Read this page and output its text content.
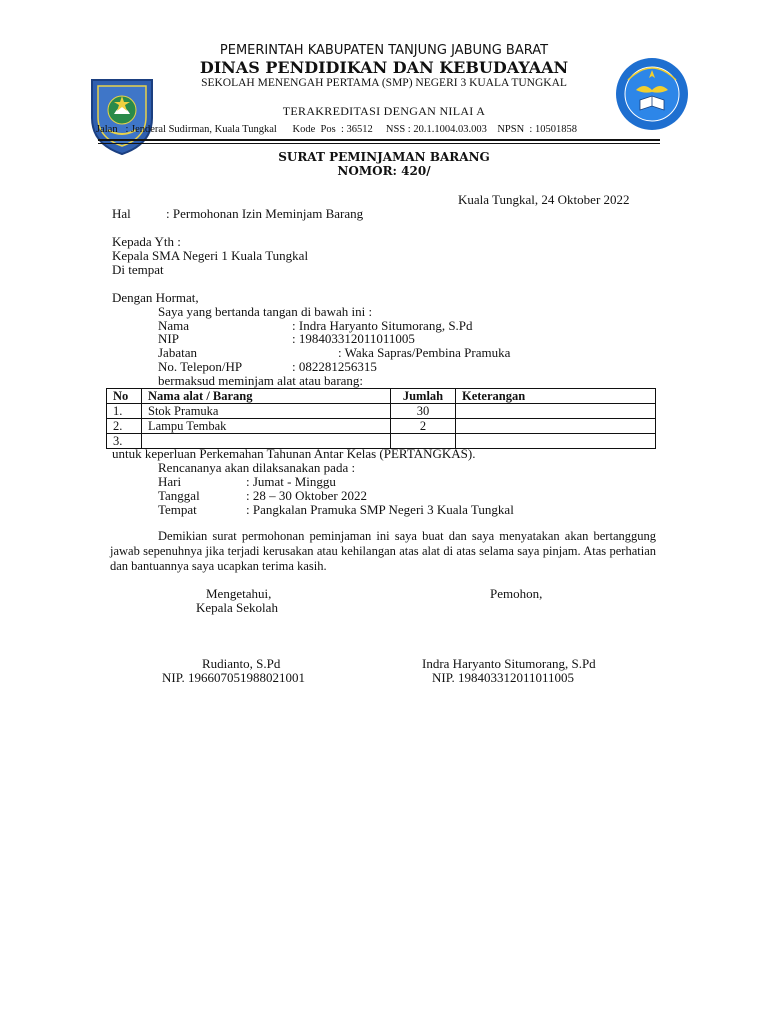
PEMERINTAH KABUPATEN TANJUNG JABUNG BARAT
DINAS PENDIDIKAN DAN KEBUDAYAAN
SEKOLAH MENENGAH PERTAMA (SMP) NEGERI 3 KUALA TUNGKAL
TERAKREDITASI DENGAN NILAI A
Jalan   : Jenderal Sudirman, Kuala Tungkal      Kode  Pos  : 36512     NSS : 20.1.1004.03.003    NPSN  : 10501858
SURAT PEMINJAMAN BARANG
NOMOR: 420/
Kuala Tungkal, 24 Oktober 2022
Hal	: Permohonan Izin Meminjam Barang
Kepada Yth :
Kepala SMA Negeri 1 Kuala Tungkal
Di tempat
Dengan Hormat,
Saya yang bertanda tangan di bawah ini :
Nama	: Indra Haryanto Situmorang, S.Pd
NIP	: 198403312011011005
Jabatan	: Waka Sapras/Pembina Pramuka
No. Telepon/HP	: 082281256315
bermaksud meminjam alat atau barang:
No	Nama alat / Barang	Jumlah	Keterangan
1.	Stok Pramuka	30	
2.	Lampu Tembak	2	
3.			
untuk keperluan Perkemahan Tahunan Antar Kelas (PERTANGKAS).
Rencananya akan dilaksanakan pada :
Hari	: Jumat - Minggu
Tanggal	: 28 – 30 Oktober 2022
Tempat	: Pangkalan Pramuka SMP Negeri 3 Kuala Tungkal
Demikian surat permohonan peminjaman ini saya buat dan saya menyatakan akan bertanggung jawab sepenuhnya jika terjadi kerusakan atau kehilangan atas alat di atas selama saya pinjam. Atas perhatian dan bantuannya saya ucapkan terima kasih.
Mengetahui,
Kepala Sekolah
Rudianto, S.Pd
NIP. 196607051988021001
Pemohon,
Indra Haryanto Situmorang, S.Pd
NIP. 198403312011011005
